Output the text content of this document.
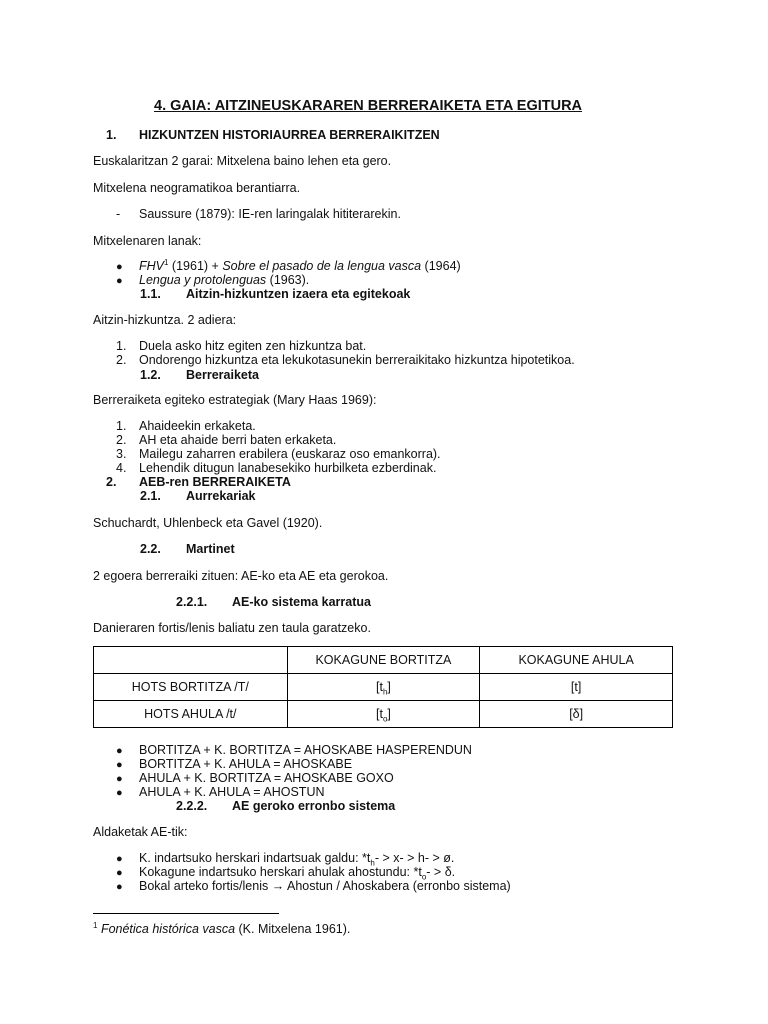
4. GAIA: AITZINEUSKARAREN BERRERAIKETA ETA EGITURA
1. HIZKUNTZEN HISTORIAURREA BERRERAIKITZEN
Euskalaritzan 2 garai: Mitxelena baino lehen eta gero.
Mitxelena neogramatikoa berantiarra.
- Saussure (1879): IE-ren laringalak hititerarekin.
Mitxelenaren lanak:
● FHV$^1$ (1961) + Sobre el pasado de la lengua vasca (1964)
● Lengua y protolenguas (1963).
1.1. Aitzin-hizkuntzen izaera eta egitekoak
Aitzin-hizkuntza. 2 adiera:
1. Duela asko hitz egiten zen hizkuntza bat.
2. Ondorengo hizkuntza eta lekukotasunekin berreraikitako hizkuntza hipotetikoa.
1.2. Berreraiketa
Berreraiketa egiteko estrategiak (Mary Haas 1969):
1. Ahaideekin erkaketa.
2. AH eta ahaide berri baten erkaketa.
3. Mailegu zaharren erabilera (euskaraz oso emankorra).
4. Lehendik ditugun lanabesekiko hurbilketa ezberdinak.
2. AEB-ren BERRERAIKETA
2.1. Aurrekariak
Schuchardt, Uhlenbeck eta Gavel (1920).
2.2. Martinet
2 egoera berreraiki zituen: AE-ko eta AE eta gerokoa.
2.2.1. AE-ko sistema karratua
Danieraren fortis/lenis baliatu zen taula garatzeko.
	KOKAGUNE BORTITZA	KOKAGUNE AHULA
HOTS BORTITZA /T/	$[t_h]$	[t]
HOTS AHULA /t/	$[t_o]$	[δ]
● BORTITZA + K. BORTITZA = AHOSKABE HASPERENDUN
● BORTITZA + K. AHULA = AHOSKABE
● AHULA + K. BORTITZA = AHOSKABE GOXO
● AHULA + K. AHULA = AHOSTUN
2.2.2. AE geroko erronbo sistema
Aldaketak AE-tik:
● K. indartsuko herskari indartsuak galdu: $*t_h- > x- > h-$ > ø.
● Kokagune indartsuko herskari ahulak ahostundu: $*t_o- > \delta$.
● Bokal arteko fortis/lenis → Ahostun / Ahoskabera (erronbo sistema)
$^1$ Fonética histórica vasca (K. Mitxelena 1961).
